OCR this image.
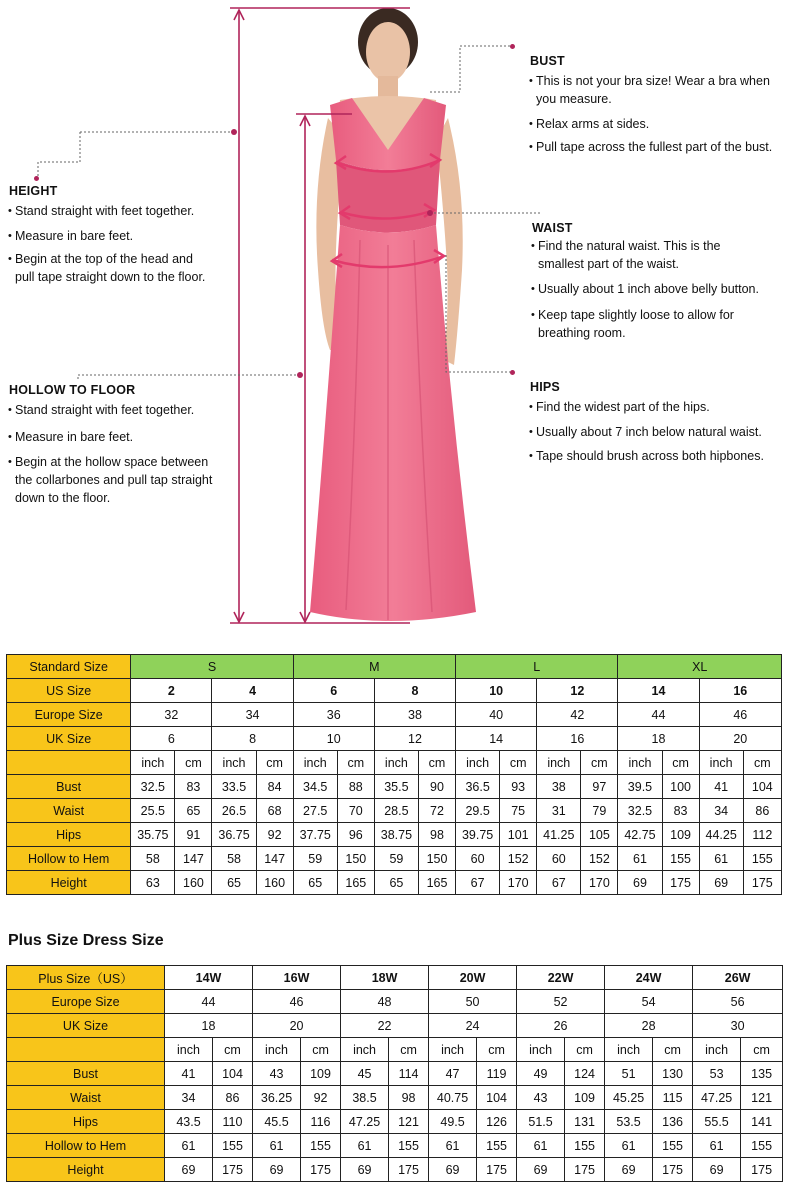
HEIGHT
• Stand straight with feet together.
• Measure in bare feet.
• Begin at the top of the head and
pull tape straight down to the floor.
HOLLOW TO FLOOR
• Stand straight with feet together.
• Measure in bare feet.
• Begin at the hollow space between
the collarbones and pull tap straight
down to the floor.
BUST
• This is not your bra size! Wear a bra when
you measure.
• Relax arms at sides.
• Pull tape across the fullest part of the bust.
WAIST
• Find the natural waist. This is the
smallest part of the waist.
• Usually about 1 inch above belly button.
• Keep tape slightly loose to allow for
breathing room.
HIPS
• Find the widest part of the hips.
• Usually about 7 inch below natural waist.
• Tape should brush across both hipbones.
Standard Size	S				M				L				XL			
US Size	2		4		6		8		10		12		14		16	
Europe Size	32		34		36		38		40		42		44		46	
UK Size	6		8		10		12		14		16		18		20	
	inch	cm	inch	cm	inch	cm	inch	cm	inch	cm	inch	cm	inch	cm	inch	cm
Bust	32.5	83	33.5	84	34.5	88	35.5	90	36.5	93	38	97	39.5	100	41	104
Waist	25.5	65	26.5	68	27.5	70	28.5	72	29.5	75	31	79	32.5	83	34	86
Hips	35.75	91	36.75	92	37.75	96	38.75	98	39.75	101	41.25	105	42.75	109	44.25	112
Hollow to Hem	58	147	58	147	59	150	59	150	60	152	60	152	61	155	61	155
Height	63	160	65	160	65	165	65	165	67	170	67	170	69	175	69	175
Plus Size Dress Size
Plus Size（US）	14W		16W		18W		20W		22W		24W		26W	
Europe Size	44		46		48		50		52		54		56	
UK Size	18		20		22		24		26		28		30	
	inch	cm	inch	cm	inch	cm	inch	cm	inch	cm	inch	cm	inch	cm
Bust	41	104	43	109	45	114	47	119	49	124	51	130	53	135
Waist	34	86	36.25	92	38.5	98	40.75	104	43	109	45.25	115	47.25	121
Hips	43.5	110	45.5	116	47.25	121	49.5	126	51.5	131	53.5	136	55.5	141
Hollow to Hem	61	155	61	155	61	155	61	155	61	155	61	155	61	155
Height	69	175	69	175	69	175	69	175	69	175	69	175	69	175
